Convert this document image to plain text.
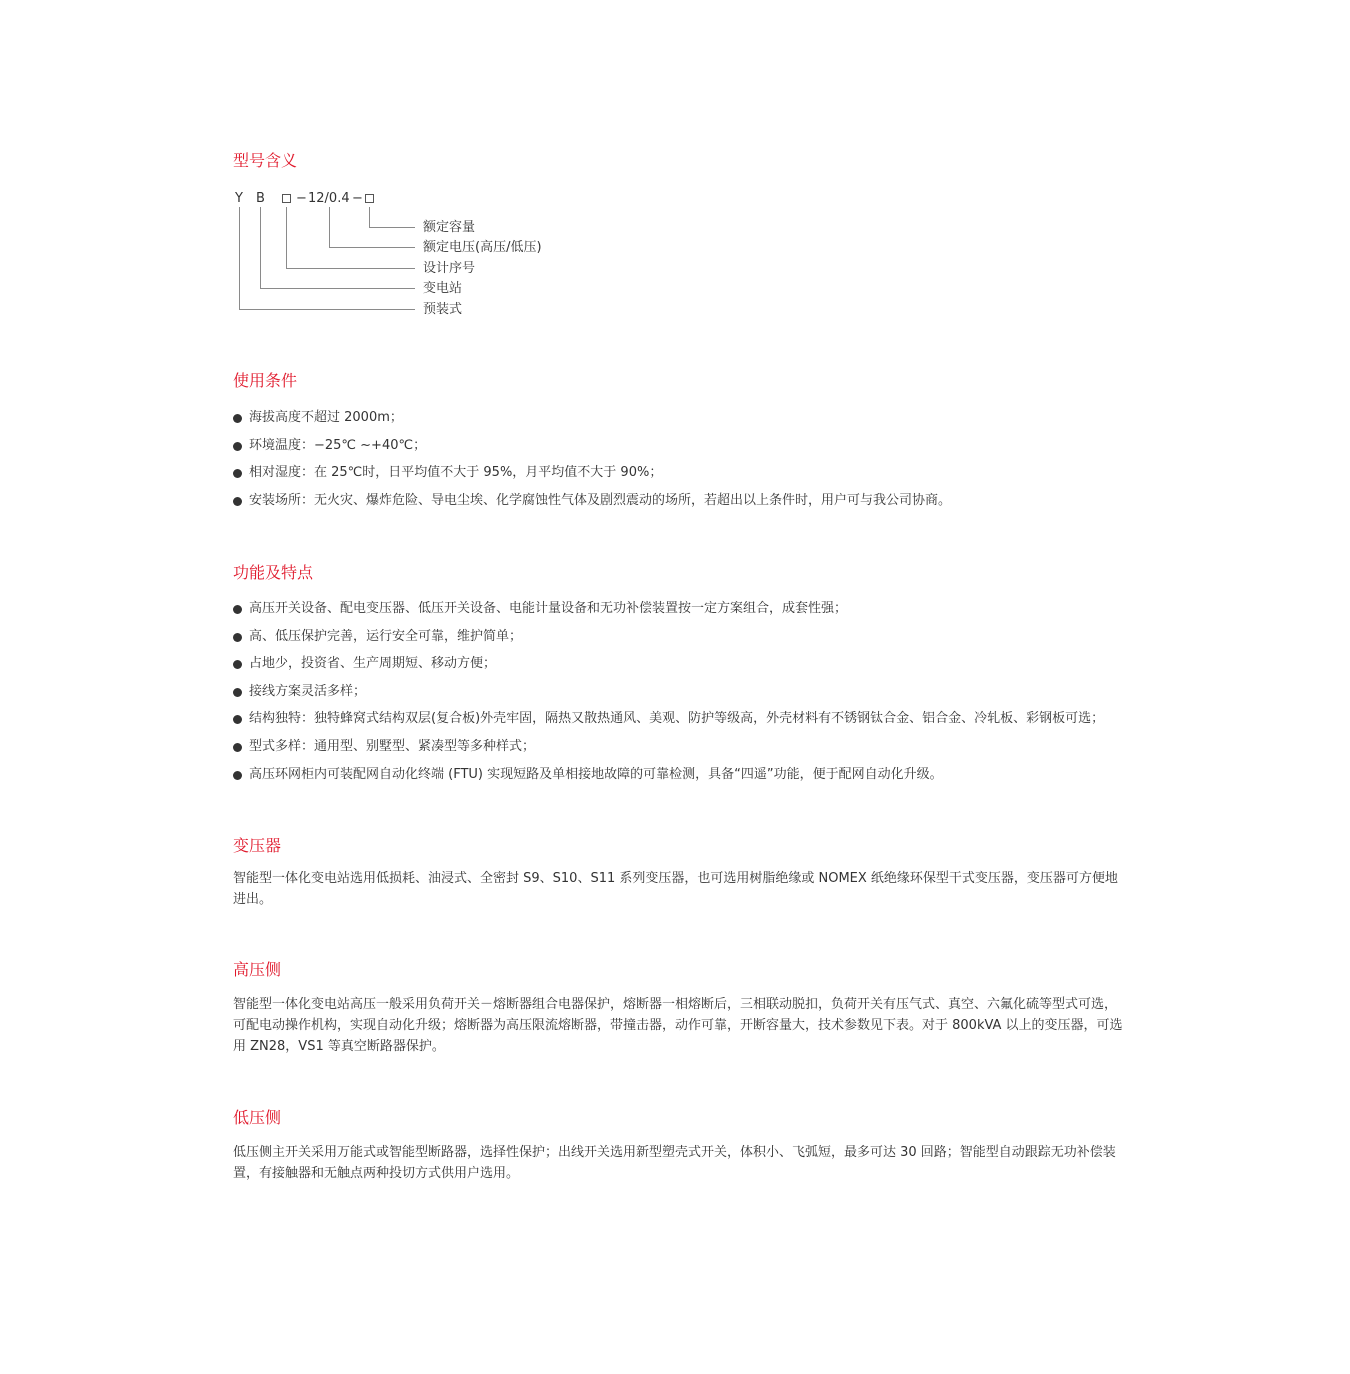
型号含义
Y B − 12/0.4 −
额定容量
额定电压(高压/低压)
设计序号
变电站
预装式
使用条件
海拔高度不超过 2000m；
环境温度：−25℃ ~+40℃；
相对湿度：在 25℃时，日平均值不大于 95%，月平均值不大于 90%；
安装场所：无火灾、爆炸危险、导电尘埃、化学腐蚀性气体及剧烈震动的场所，若超出以上条件时，用户可与我公司协商。
功能及特点
高压开关设备、配电变压器、低压开关设备、电能计量设备和无功补偿装置按一定方案组合，成套性强；
高、低压保护完善，运行安全可靠，维护简单；
占地少，投资省、生产周期短、移动方便；
接线方案灵活多样；
结构独特：独特蜂窝式结构双层(复合板)外壳牢固，隔热又散热通风、美观、防护等级高，外壳材料有不锈钢钛合金、铝合金、冷轧板、彩钢板可选；
型式多样：通用型、别墅型、紧凑型等多种样式；
高压环网柜内可装配网自动化终端 (FTU) 实现短路及单相接地故障的可靠检测，具备“四遥”功能，便于配网自动化升级。
变压器

智能型一体化变电站选用低损耗、油浸式、全密封 S9、S10、S11 系列变压器，也可选用树脂绝缘或 NOMEX 纸绝缘环保型干式变压器，变压器可方便地进出。

高压侧

智能型一体化变电站高压一般采用负荷开关－熔断器组合电器保护，熔断器一相熔断后，三相联动脱扣，负荷开关有压气式、真空、六氟化硫等型式可选，可配电动操作机构，实现自动化升级；熔断器为高压限流熔断器，带撞击器，动作可靠，开断容量大，技术参数见下表。对于 800kVA 以上的变压器，可选用 ZN28，VS1 等真空断路器保护。

低压侧

低压侧主开关采用万能式或智能型断路器，选择性保护；出线开关选用新型塑壳式开关，体积小、飞弧短，最多可达 30 回路；智能型自动跟踪无功补偿装置，有接触器和无触点两种投切方式供用户选用。
